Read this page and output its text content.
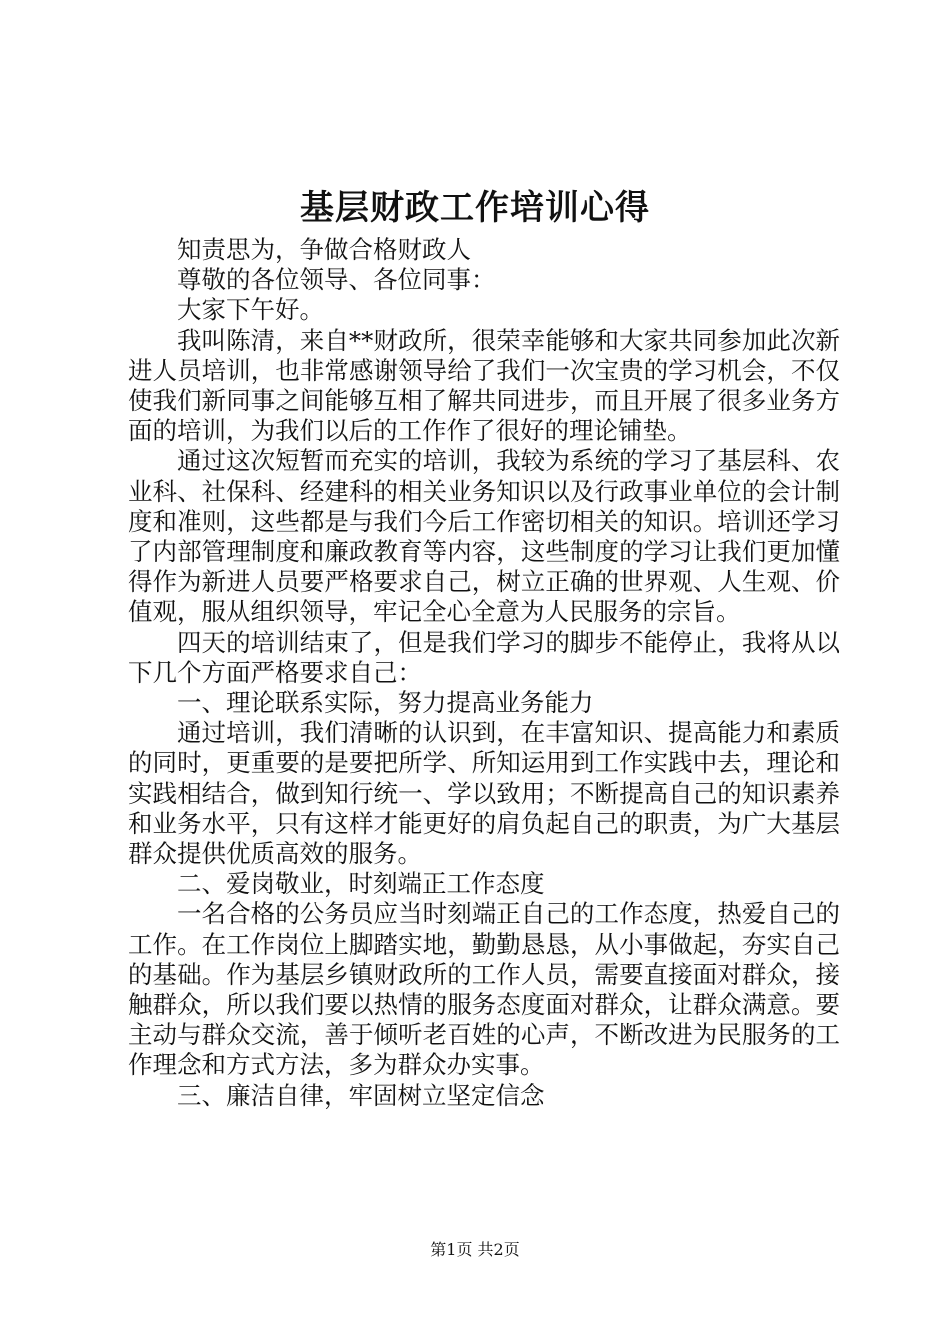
基层财政工作培训心得

知责思为，争做合格财政人

尊敬的各位领导、各位同事：

大家下午好。

我叫陈清，来自**财政所，很荣幸能够和大家共同参加此次新进人员培训，也非常感谢领导给了我们一次宝贵的学习机会，不仅使我们新同事之间能够互相了解共同进步，而且开展了很多业务方面的培训，为我们以后的工作作了很好的理论铺垫。

通过这次短暂而充实的培训，我较为系统的学习了基层科、农业科、社保科、经建科的相关业务知识以及行政事业单位的会计制度和准则，这些都是与我们今后工作密切相关的知识。培训还学习了内部管理制度和廉政教育等内容，这些制度的学习让我们更加懂得作为新进人员要严格要求自己，树立正确的世界观、人生观、价值观，服从组织领导，牢记全心全意为人民服务的宗旨。

四天的培训结束了，但是我们学习的脚步不能停止，我将从以下几个方面严格要求自己：

一、理论联系实际，努力提高业务能力

通过培训，我们清晰的认识到，在丰富知识、提高能力和素质的同时，更重要的是要把所学、所知运用到工作实践中去，理论和实践相结合，做到知行统一、学以致用；不断提高自己的知识素养和业务水平，只有这样才能更好的肩负起自己的职责，为广大基层群众提供优质高效的服务。

二、爱岗敬业，时刻端正工作态度

一名合格的公务员应当时刻端正自己的工作态度，热爱自己的工作。在工作岗位上脚踏实地，勤勤恳恳，从小事做起，夯实自己的基础。作为基层乡镇财政所的工作人员，需要直接面对群众，接触群众，所以我们要以热情的服务态度面对群众，让群众满意。要主动与群众交流，善于倾听老百姓的心声，不断改进为民服务的工作理念和方式方法，多为群众办实事。

三、廉洁自律，牢固树立坚定信念

第1页 共2页
